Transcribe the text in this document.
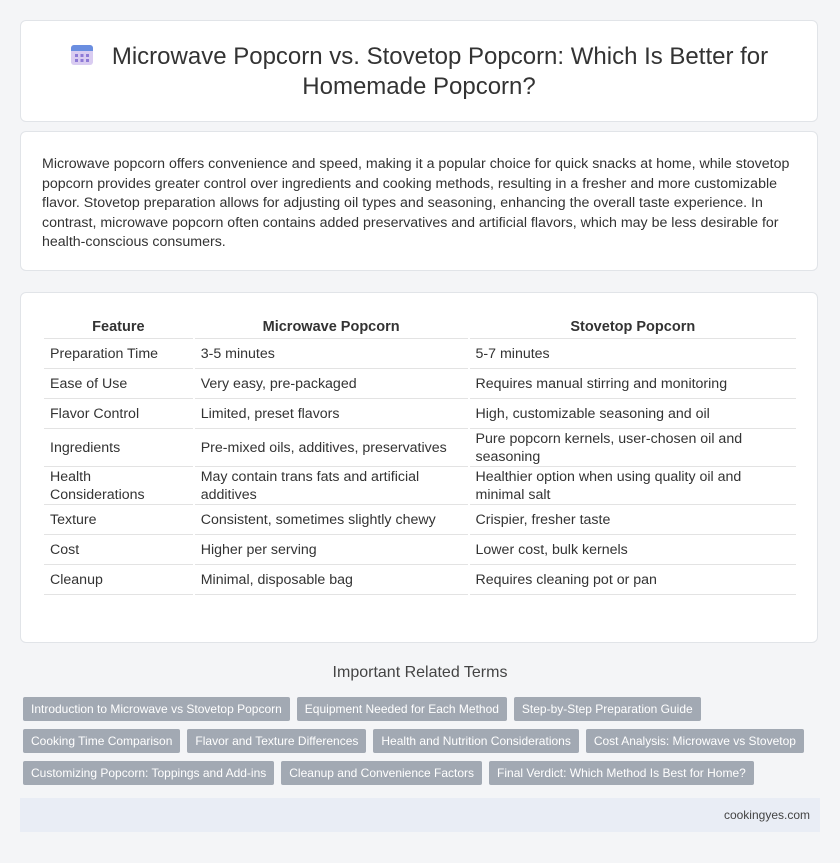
Microwave Popcorn vs. Stovetop Popcorn: Which Is Better for Homemade Popcorn?

Microwave popcorn offers convenience and speed, making it a popular choice for quick snacks at home, while stovetop popcorn provides greater control over ingredients and cooking methods, resulting in a fresher and more customizable flavor. Stovetop preparation allows for adjusting oil types and seasoning, enhancing the overall taste experience. In contrast, microwave popcorn often contains added preservatives and artificial flavors, which may be less desirable for health-conscious consumers.

Feature	Microwave Popcorn	Stovetop Popcorn
Preparation Time	3-5 minutes	5-7 minutes
Ease of Use	Very easy, pre-packaged	Requires manual stirring and monitoring
Flavor Control	Limited, preset flavors	High, customizable seasoning and oil
Ingredients	Pre-mixed oils, additives, preservatives	Pure popcorn kernels, user-chosen oil and seasoning
Health Considerations	May contain trans fats and artificial additives	Healthier option when using quality oil and minimal salt
Texture	Consistent, sometimes slightly chewy	Crispier, fresher taste
Cost	Higher per serving	Lower cost, bulk kernels
Cleanup	Minimal, disposable bag	Requires cleaning pot or pan
Important Related Terms
Introduction to Microwave vs Stovetop Popcorn	Equipment Needed for Each Method	Step-by-Step Preparation Guide
Cooking Time Comparison	Flavor and Texture Differences	Health and Nutrition Considerations	Cost Analysis: Microwave vs Stovetop
Customizing Popcorn: Toppings and Add-ins	Cleanup and Convenience Factors	Final Verdict: Which Method Is Best for Home?
cookingyes.com
